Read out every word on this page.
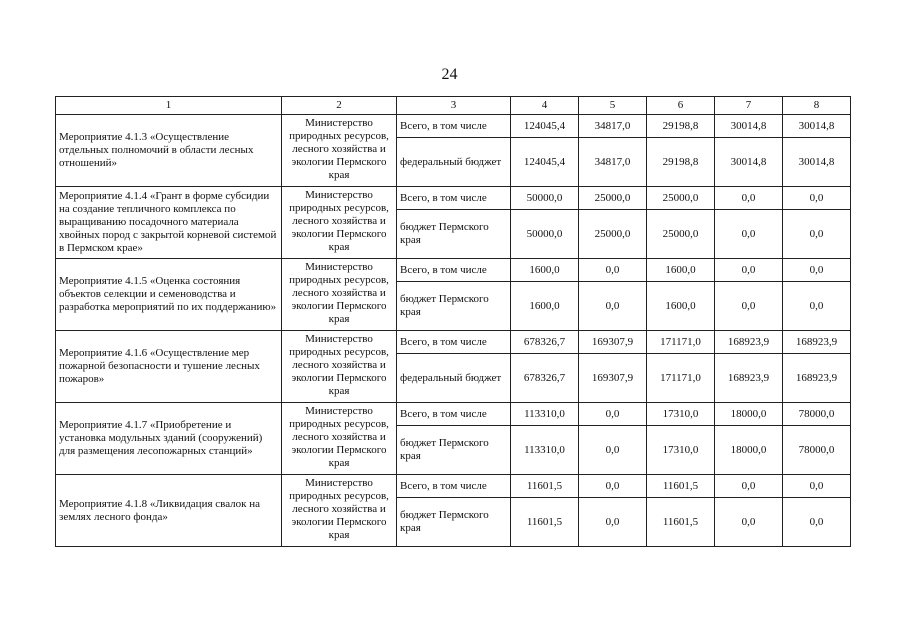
24
1	2	3	4	5	6	7	8
Мероприятие 4.1.3 «Осуществление отдельных полномочий в области лесных отношений»	Министерство природных ресурсов, лесного хозяйства и экологии Пермского края	Всего, в том числе	124045,4	34817,0	29198,8	30014,8	30014,8
		федеральный бюджет	124045,4	34817,0	29198,8	30014,8	30014,8
Мероприятие 4.1.4 «Грант в форме субсидии на создание тепличного комплекса по выращиванию посадочного материала хвойных пород с закрытой корневой системой в Пермском крае»	Министерство природных ресурсов, лесного хозяйства и экологии Пермского края	Всего, в том числе	50000,0	25000,0	25000,0	0,0	0,0
		бюджет Пермского края	50000,0	25000,0	25000,0	0,0	0,0
Мероприятие 4.1.5 «Оценка состояния объектов селекции и семеноводства и разработка мероприятий по их поддержанию»	Министерство природных ресурсов, лесного хозяйства и экологии Пермского края	Всего, в том числе	1600,0	0,0	1600,0	0,0	0,0
		бюджет Пермского края	1600,0	0,0	1600,0	0,0	0,0
Мероприятие 4.1.6 «Осуществление мер пожарной безопасности и тушение лесных пожаров»	Министерство природных ресурсов, лесного хозяйства и экологии Пермского края	Всего, в том числе	678326,7	169307,9	171171,0	168923,9	168923,9
		федеральный бюджет	678326,7	169307,9	171171,0	168923,9	168923,9
Мероприятие 4.1.7 «Приобретение и установка модульных зданий (сооружений) для размещения лесопожарных станций»	Министерство природных ресурсов, лесного хозяйства и экологии Пермского края	Всего, в том числе	113310,0	0,0	17310,0	18000,0	78000,0
		бюджет Пермского края	113310,0	0,0	17310,0	18000,0	78000,0
Мероприятие 4.1.8 «Ликвидация свалок на землях лесного фонда»	Министерство природных ресурсов, лесного хозяйства и экологии Пермского края	Всего, в том числе	11601,5	0,0	11601,5	0,0	0,0
		бюджет Пермского края	11601,5	0,0	11601,5	0,0	0,0
